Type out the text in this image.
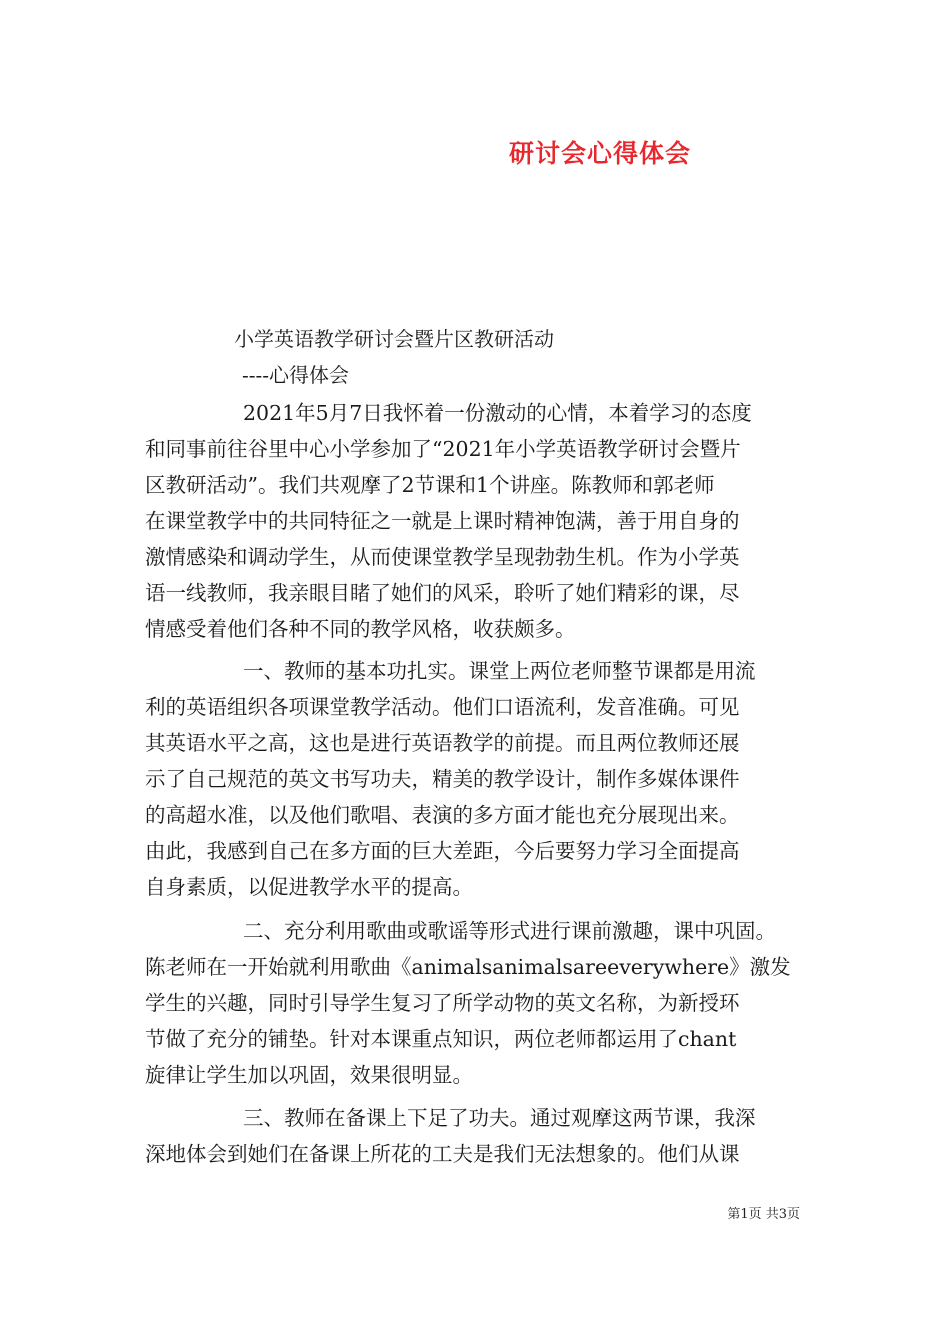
研讨会心得体会
小学英语教学研讨会暨片区教研活动
----心得体会
2021年5月7日我怀着一份激动的心情，本着学习的态度
和同事前往谷里中心小学参加了“2021年小学英语教学研讨会暨片
区教研活动”。我们共观摩了2节课和1个讲座。陈教师和郭老师
在课堂教学中的共同特征之一就是上课时精神饱满，善于用自身的
激情感染和调动学生，从而使课堂教学呈现勃勃生机。作为小学英
语一线教师，我亲眼目睹了她们的风采，聆听了她们精彩的课，尽
情感受着他们各种不同的教学风格，收获颇多。
一、教师的基本功扎实。课堂上两位老师整节课都是用流
利的英语组织各项课堂教学活动。他们口语流利，发音准确。可见
其英语水平之高，这也是进行英语教学的前提。而且两位教师还展
示了自己规范的英文书写功夫，精美的教学设计，制作多媒体课件
的高超水准，以及他们歌唱、表演的多方面才能也充分展现出来。
由此，我感到自己在多方面的巨大差距，今后要努力学习全面提高
自身素质，以促进教学水平的提高。
二、充分利用歌曲或歌谣等形式进行课前激趣，课中巩固。
陈老师在一开始就利用歌曲《animalsanimalsareeverywhere》激发
学生的兴趣，同时引导学生复习了所学动物的英文名称，为新授环
节做了充分的铺垫。针对本课重点知识，两位老师都运用了chant
旋律让学生加以巩固，效果很明显。
三、教师在备课上下足了功夫。通过观摩这两节课，我深
深地体会到她们在备课上所花的工夫是我们无法想象的。他们从课
第1页 共3页
